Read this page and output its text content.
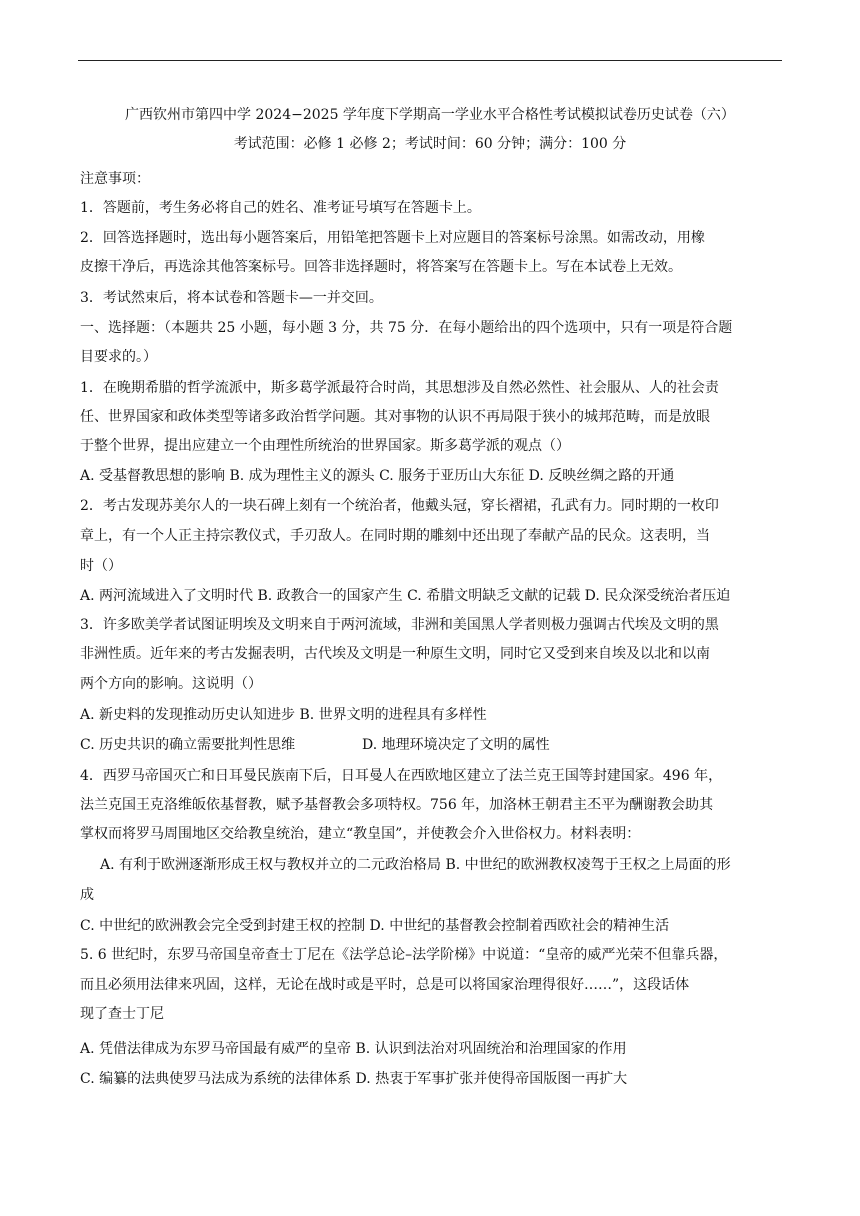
广西钦州市第四中学 2024−2025 学年度下学期高一学业水平合格性考试模拟试卷历史试卷（六）
考试范围：必修 1 必修 2；考试时间：60 分钟；满分：100 分
注意事项：
1．答题前，考生务必将自己的姓名、准考证号填写在答题卡上。
2．回答选择题时，选出每小题答案后，用铅笔把答题卡上对应题目的答案标号涂黑。如需改动，用橡
皮擦干净后，再选涂其他答案标号。回答非选择题时，将答案写在答题卡上。写在本试卷上无效。
3．考试然束后，将本试卷和答题卡—一并交回。
一、选择题：（本题共 25 小题，每小题 3 分，共 75 分．在每小题给出的四个选项中，只有一项是符合题
目要求的。）
1．在晚期希腊的哲学流派中，斯多葛学派最符合时尚，其思想涉及自然必然性、社会服从、人的社会责
任、世界国家和政体类型等诸多政治哲学问题。其对事物的认识不再局限于狭小的城邦范畴，而是放眼
于整个世界，提出应建立一个由理性所统治的世界国家。斯多葛学派的观点（）
A. 受基督教思想的影响 B. 成为理性主义的源头 C. 服务于亚历山大东征 D. 反映丝绸之路的开通
2．考古发现苏美尔人的一块石碑上刻有一个统治者，他戴头冠，穿长褶裙，孔武有力。同时期的一枚印
章上，有一个人正主持宗教仪式，手刃敌人。在同时期的雕刻中还出现了奉献产品的民众。这表明，当
时（）
A. 两河流域进入了文明时代 B. 政教合一的国家产生 C. 希腊文明缺乏文献的记载 D. 民众深受统治者压迫
3．许多欧美学者试图证明埃及文明来自于两河流域，非洲和美国黑人学者则极力强调古代埃及文明的黑
非洲性质。近年来的考古发掘表明，古代埃及文明是一种原生文明，同时它又受到来自埃及以北和以南
两个方向的影响。这说明（）
A. 新史料的发现推动历史认知进步 B. 世界文明的进程具有多样性
C. 历史共识的确立需要批判性思维	D. 地理环境决定了文明的属性
4．西罗马帝国灭亡和日耳曼民族南下后，日耳曼人在西欧地区建立了法兰克王国等封建国家。496 年，
法兰克国王克洛维皈依基督教，赋予基督教会多项特权。756 年，加洛林王朝君主丕平为酬谢教会助其
掌权而将罗马周围地区交给教皇统治，建立“教皇国”，并使教会介入世俗权力。材料表明：
A. 有利于欧洲逐渐形成王权与教权并立的二元政治格局 B. 中世纪的欧洲教权凌驾于王权之上局面的形
成
C. 中世纪的欧洲教会完全受到封建王权的控制 D. 中世纪的基督教会控制着西欧社会的精神生活
5. 6 世纪时，东罗马帝国皇帝查士丁尼在《法学总论–法学阶梯》中说道：“皇帝的威严光荣不但靠兵器，
而且必须用法律来巩固，这样，无论在战时或是平时，总是可以将国家治理得很好……”，这段话体
现了查士丁尼
A. 凭借法律成为东罗马帝国最有威严的皇帝 B. 认识到法治对巩固统治和治理国家的作用
C. 编纂的法典使罗马法成为系统的法律体系 D. 热衷于军事扩张并使得帝国版图一再扩大
